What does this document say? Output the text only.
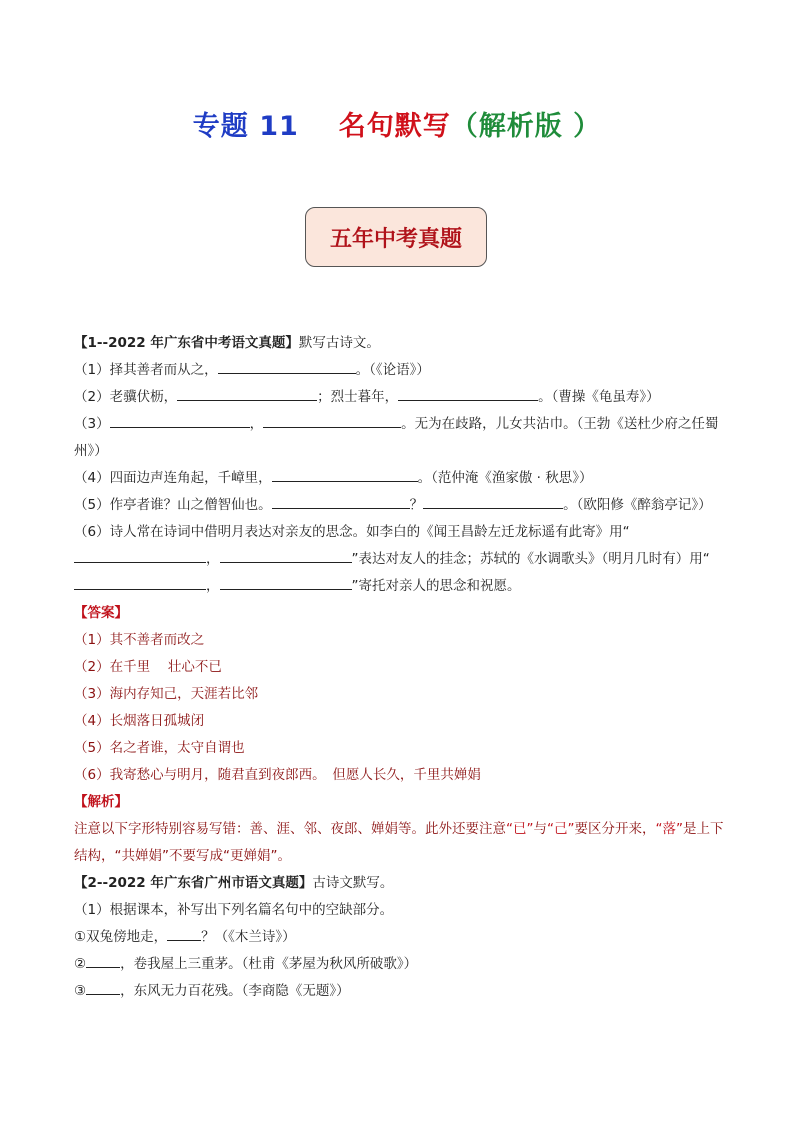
专题 11 名句默写（解析版 ）
五年中考真题
【1--2022 年广东省中考语文真题】默写古诗文。
（1）择其善者而从之，	。（《论语》）
（2）老骥伏枥，	；烈士暮年，	。（曹操《龟虽寿》）
（3）	，	。无为在歧路，儿女共沾巾。（王勃《送杜少府之任蜀州》）
（4）四面边声连角起，千嶂里，	。（范仲淹《渔家傲 · 秋思》）
（5）作亭者谁？山之僧智仙也。	？	。（欧阳修《醉翁亭记》）
（6）诗人常在诗词中借明月表达对亲友的思念。如李白的《闻王昌龄左迁龙标遥有此寄》用“，	”表达对友人的挂念；苏轼的《水调歌头》（明月几时有）用“，	”寄托对亲人的思念和祝愿。
【答案】
（1）其不善者而改之
（2）在千里　 壮心不已
（3）海内存知己，天涯若比邻
（4）长烟落日孤城闭
（5）名之者谁，太守自谓也
（6）我寄愁心与明月，随君直到夜郎西。　但愿人长久，千里共婵娟
【解析】
注意以下字形特别容易写错：善、涯、邻、夜郎、婵娟等。此外还要注意“已”与“己”要区分开来，“落”是上下结构，“共婵娟”不要写成“更婵娟”。
【2--2022 年广东省广州市语文真题】古诗文默写。
（1）根据课本，补写出下列名篇名句中的空缺部分。
①双兔傍地走，	？（《木兰诗》）
②	，卷我屋上三重茅。（杜甫《茅屋为秋风所破歌》）
③	，东风无力百花残。（李商隐《无题》）
